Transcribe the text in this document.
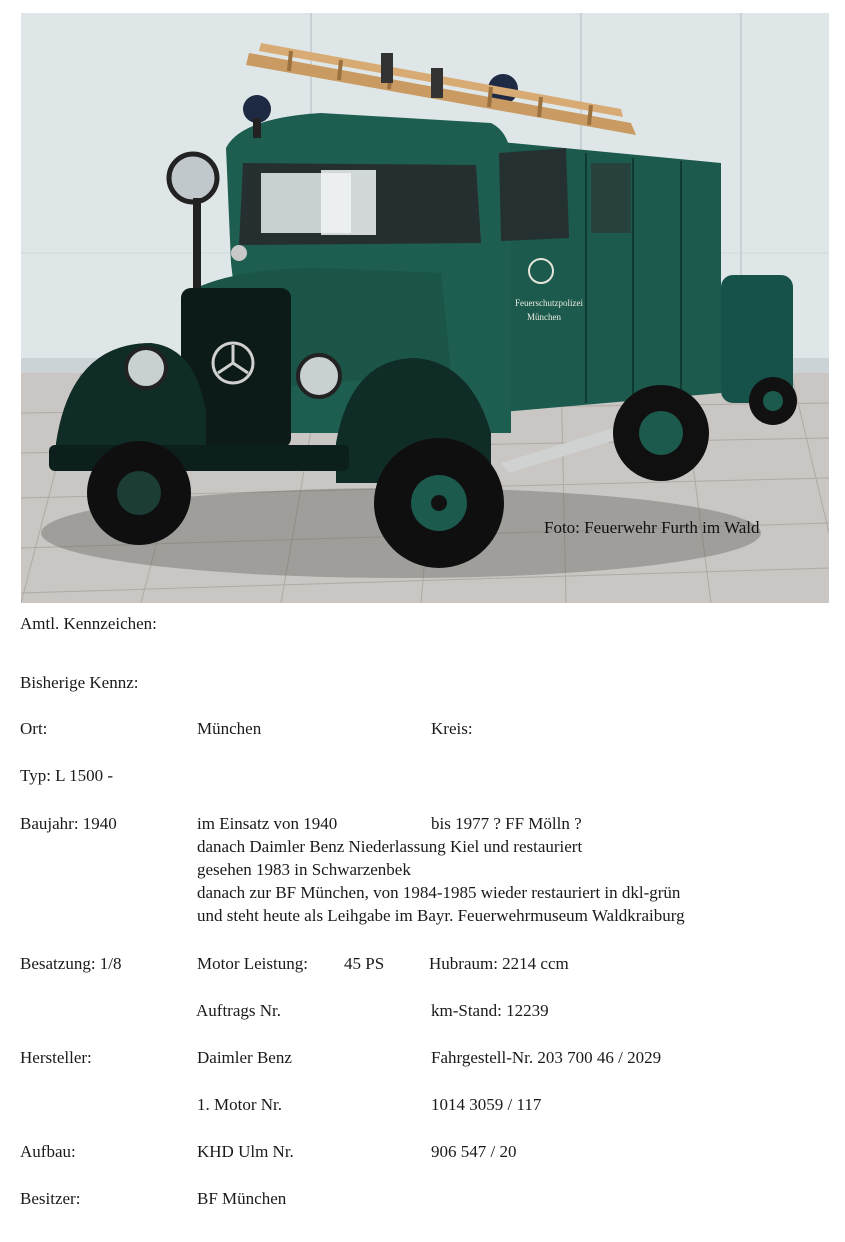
Feuerschutzpolizei
München
Foto: Feuerwehr Furth im Wald
Amtl. Kennzeichen:
Bisherige Kennz:
Ort:	München	Kreis:
Typ: L 1500 -
Baujahr: 1940	im Einsatz von 1940	bis 1977 ? FF Mölln ?
danach Daimler Benz Niederlassung Kiel und restauriert
gesehen 1983 in Schwarzenbek
danach zur BF München, von 1984-1985 wieder restauriert in dkl-grün
und steht heute als Leihgabe im Bayr. Feuerwehrmuseum Waldkraiburg
Besatzung: 1/8	Motor Leistung: 45 PS	Hubraum: 2214 ccm
Auftrags Nr.	km-Stand: 12239
Hersteller:	Daimler Benz	Fahrgestell-Nr. 203 700 46 / 2029
1. Motor Nr.	1014 3059 / 117
Aufbau:	KHD Ulm Nr.	906 547 / 20
Besitzer:	BF München
